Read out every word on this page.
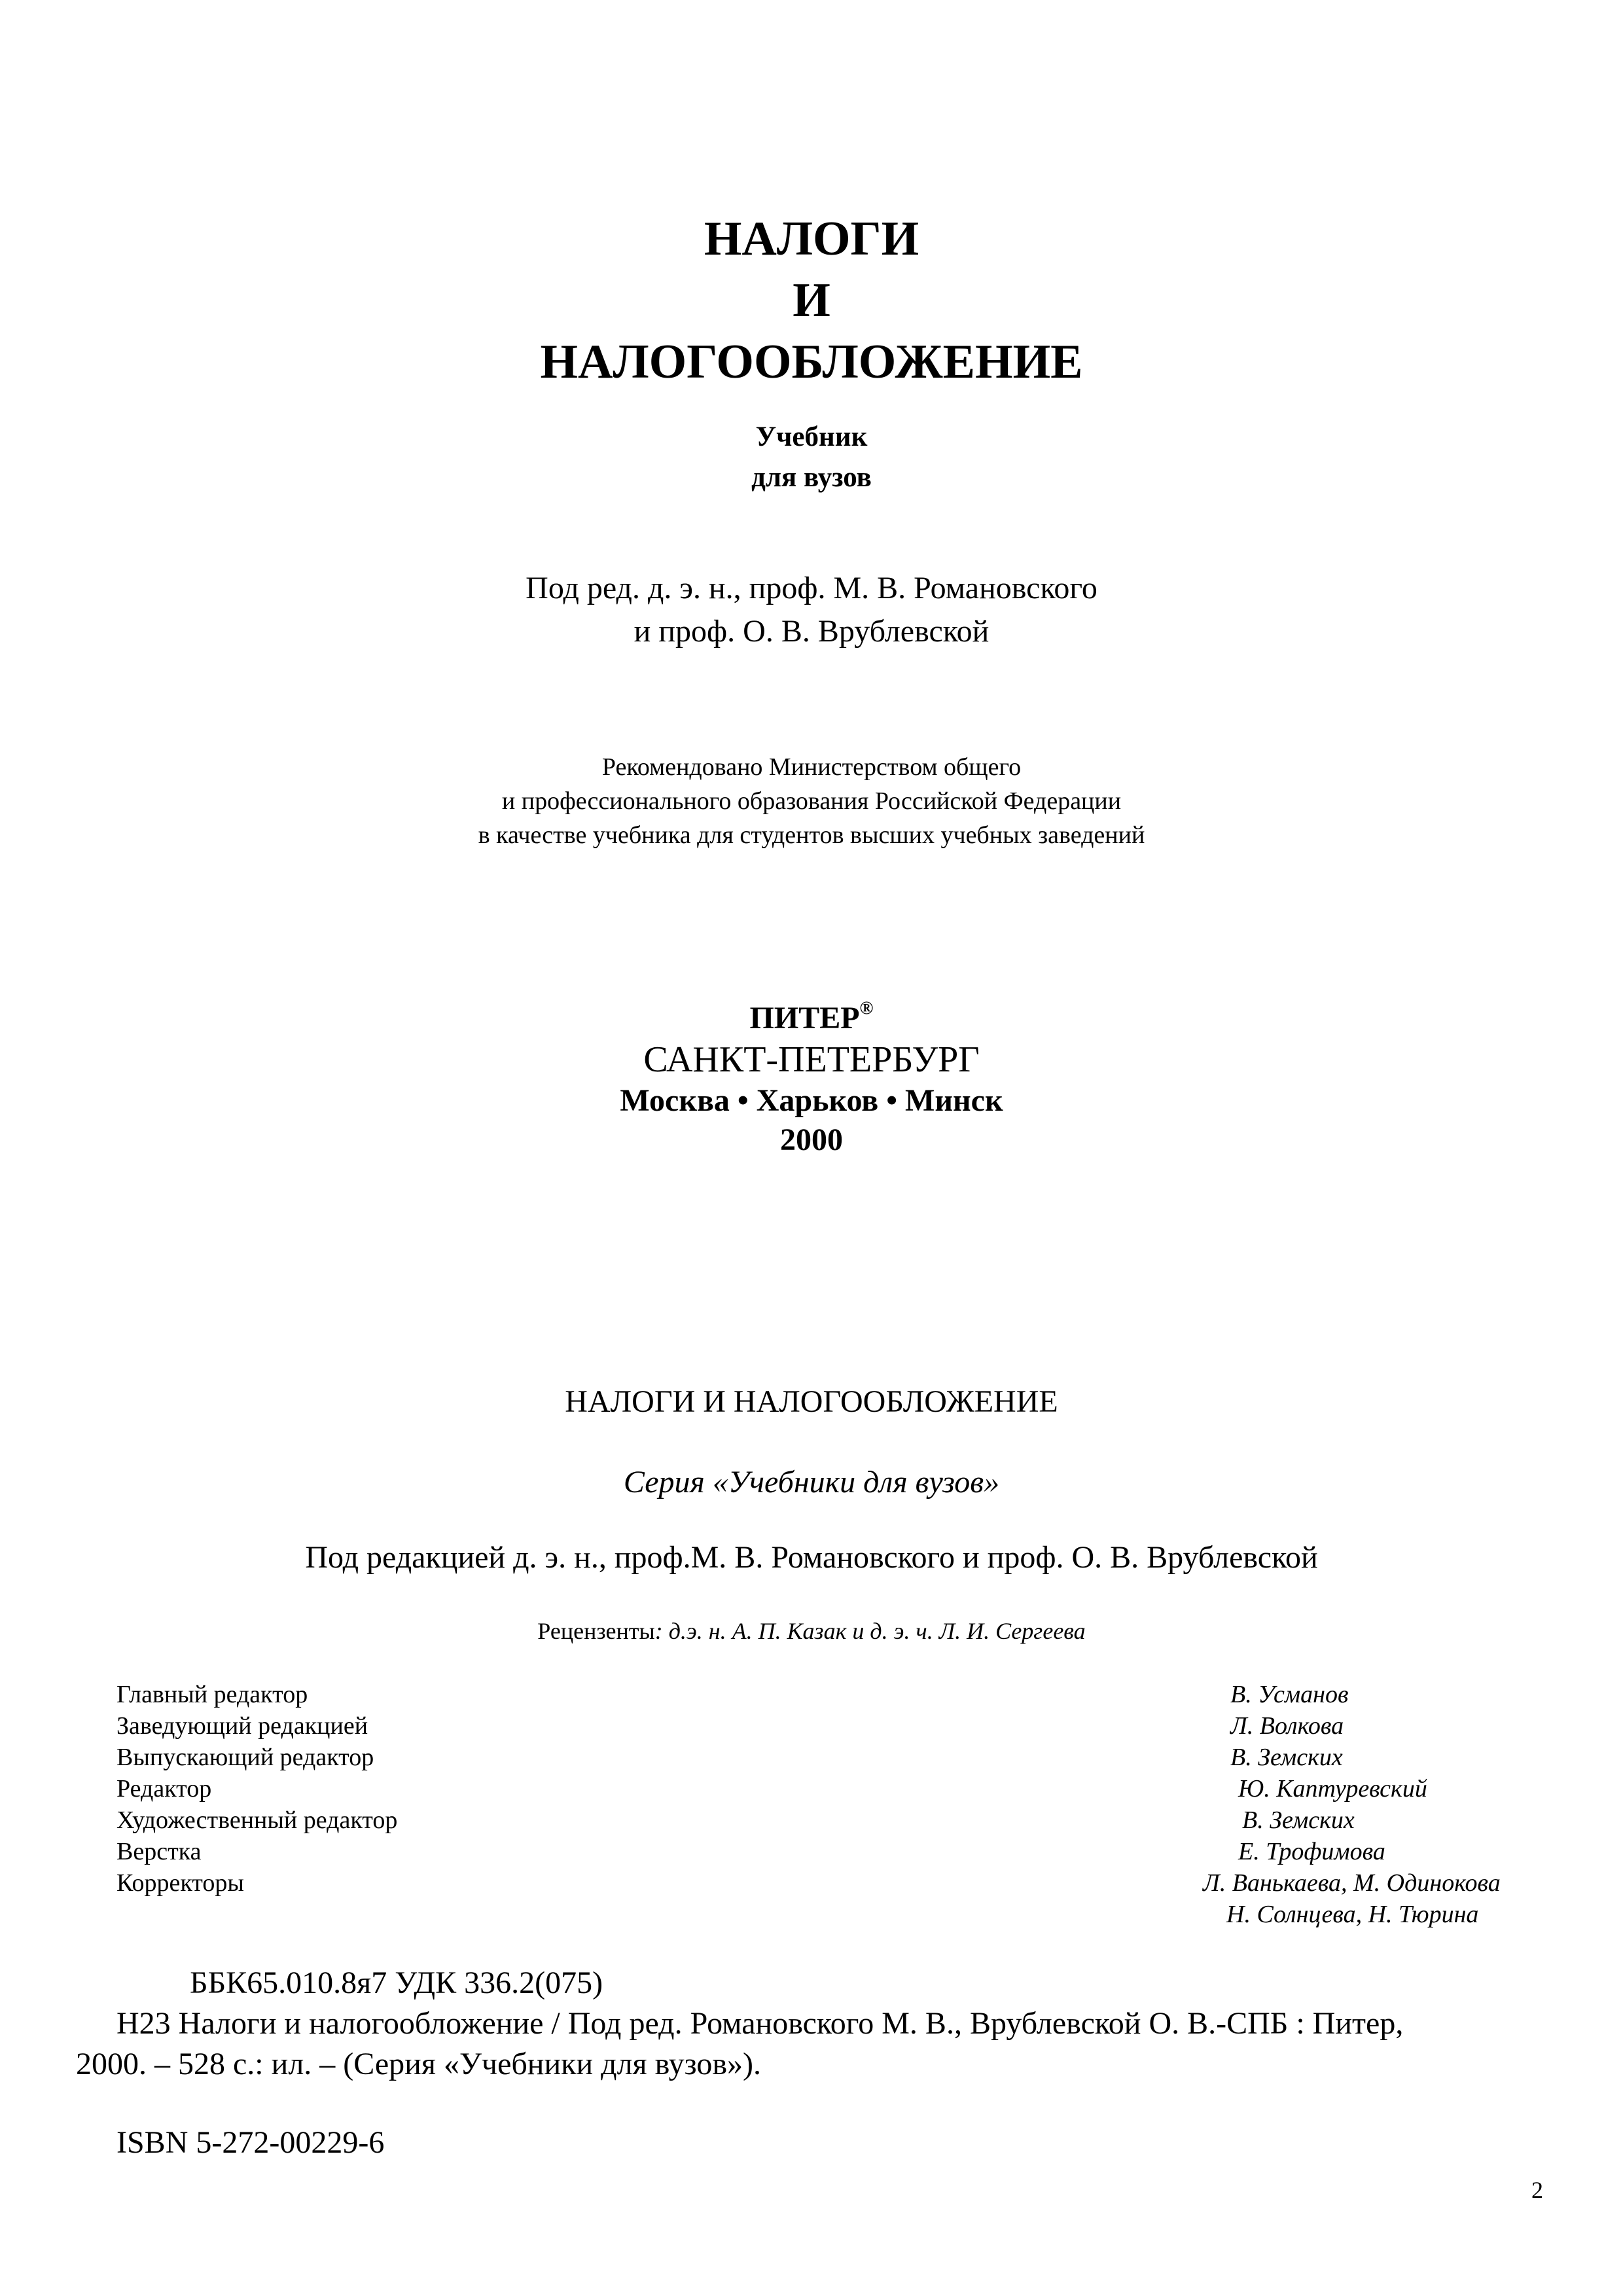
НАЛОГИ
И
НАЛОГООБЛОЖЕНИЕ
Учебник
для вузов
Под ред. д. э. н., проф. М. В. Романовского
и проф. О. В. Врублевской
Рекомендовано Министерством общего
и профессионального образования Российской Федерации
в качестве учебника для студентов высших учебных заведений
ПИТЕР®
САНКТ-ПЕТЕРБУРГ
Москва • Харьков • Минск
2000
НАЛОГИ И НАЛОГООБЛОЖЕНИЕ
Серия «Учебники для вузов»
Под редакцией д. э. н., проф.М. В. Романовского и проф. О. В. Врублевской
Рецензенты: д.э. н. А. П. Казак и д. э. ч. Л. И. Сергеева
Главный редактор	В. Усманов
Заведующий редакцией	Л. Волкова
Выпускающий редактор	В. Земских
Редактор	Ю. Каптуревский
Художественный редактор	В. Земских
Верстка	Е. Трофимова
Корректоры	Л. Ванькаева, М. Одинокова
Н. Солнцева, Н. Тюрина
ББК65.010.8я7 УДК 336.2(075)
Н23 Налоги и налогообложение / Под ред. Романовского М. В., Врублевской О. В.-СПБ : Питер,
2000. – 528 с.: ил. – (Серия «Учебники для вузов»).
ISBN 5-272-00229-6
2
